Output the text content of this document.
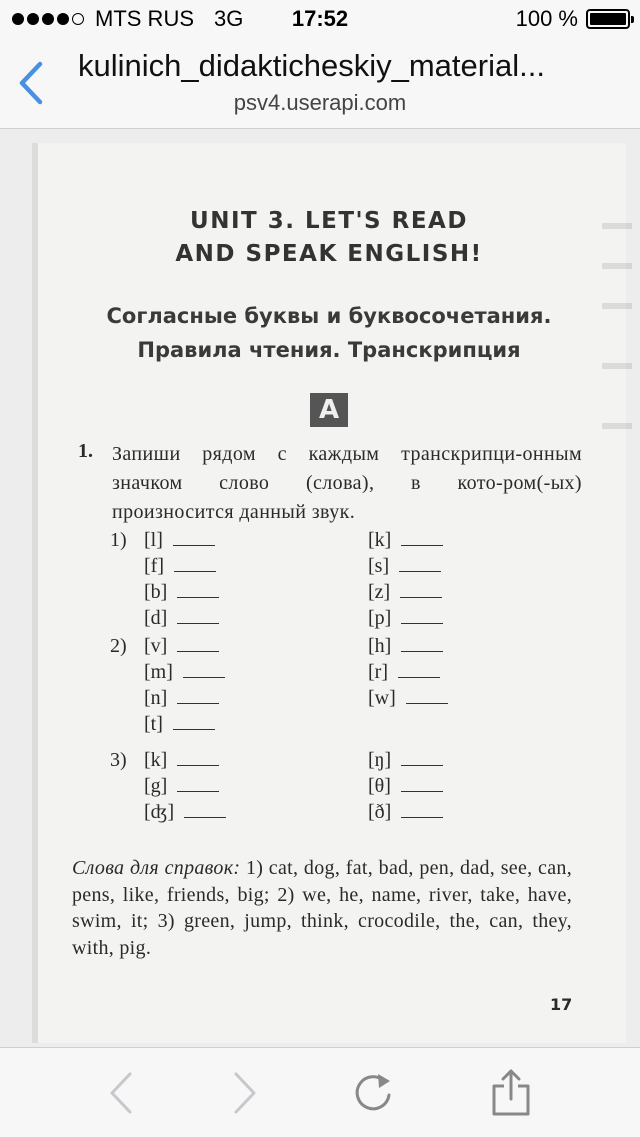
MTS RUS 3G	17:52	100 %
kulinich_didakticheskiy_material...
psv4.userapi.com
UNIT 3. LET'S READ
AND SPEAK ENGLISH!
Согласные буквы и буквосочетания.
Правила чтения. Транскрипция
A
1. Запиши рядом с каждым транскрипци-онным значком слово (слова), в кото-ром(-ых) произносится данный звук.
1) [l]
[f]
[b]
[d]
[k]
[s]
[z]
[p]
2) [v]
[m]
[n]
[t]
[h]
[r]
[w]
3) [k]
[g]
[ʤ]
[ŋ]
[θ]
[ð]
Слова для справок: 1) cat, dog, fat, bad, pen, dad, see, can, pens, like, friends, big; 2) we, he, name, river, take, have, swim, it; 3) green, jump, think, crocodile, the, can, they, with, pig.
17
